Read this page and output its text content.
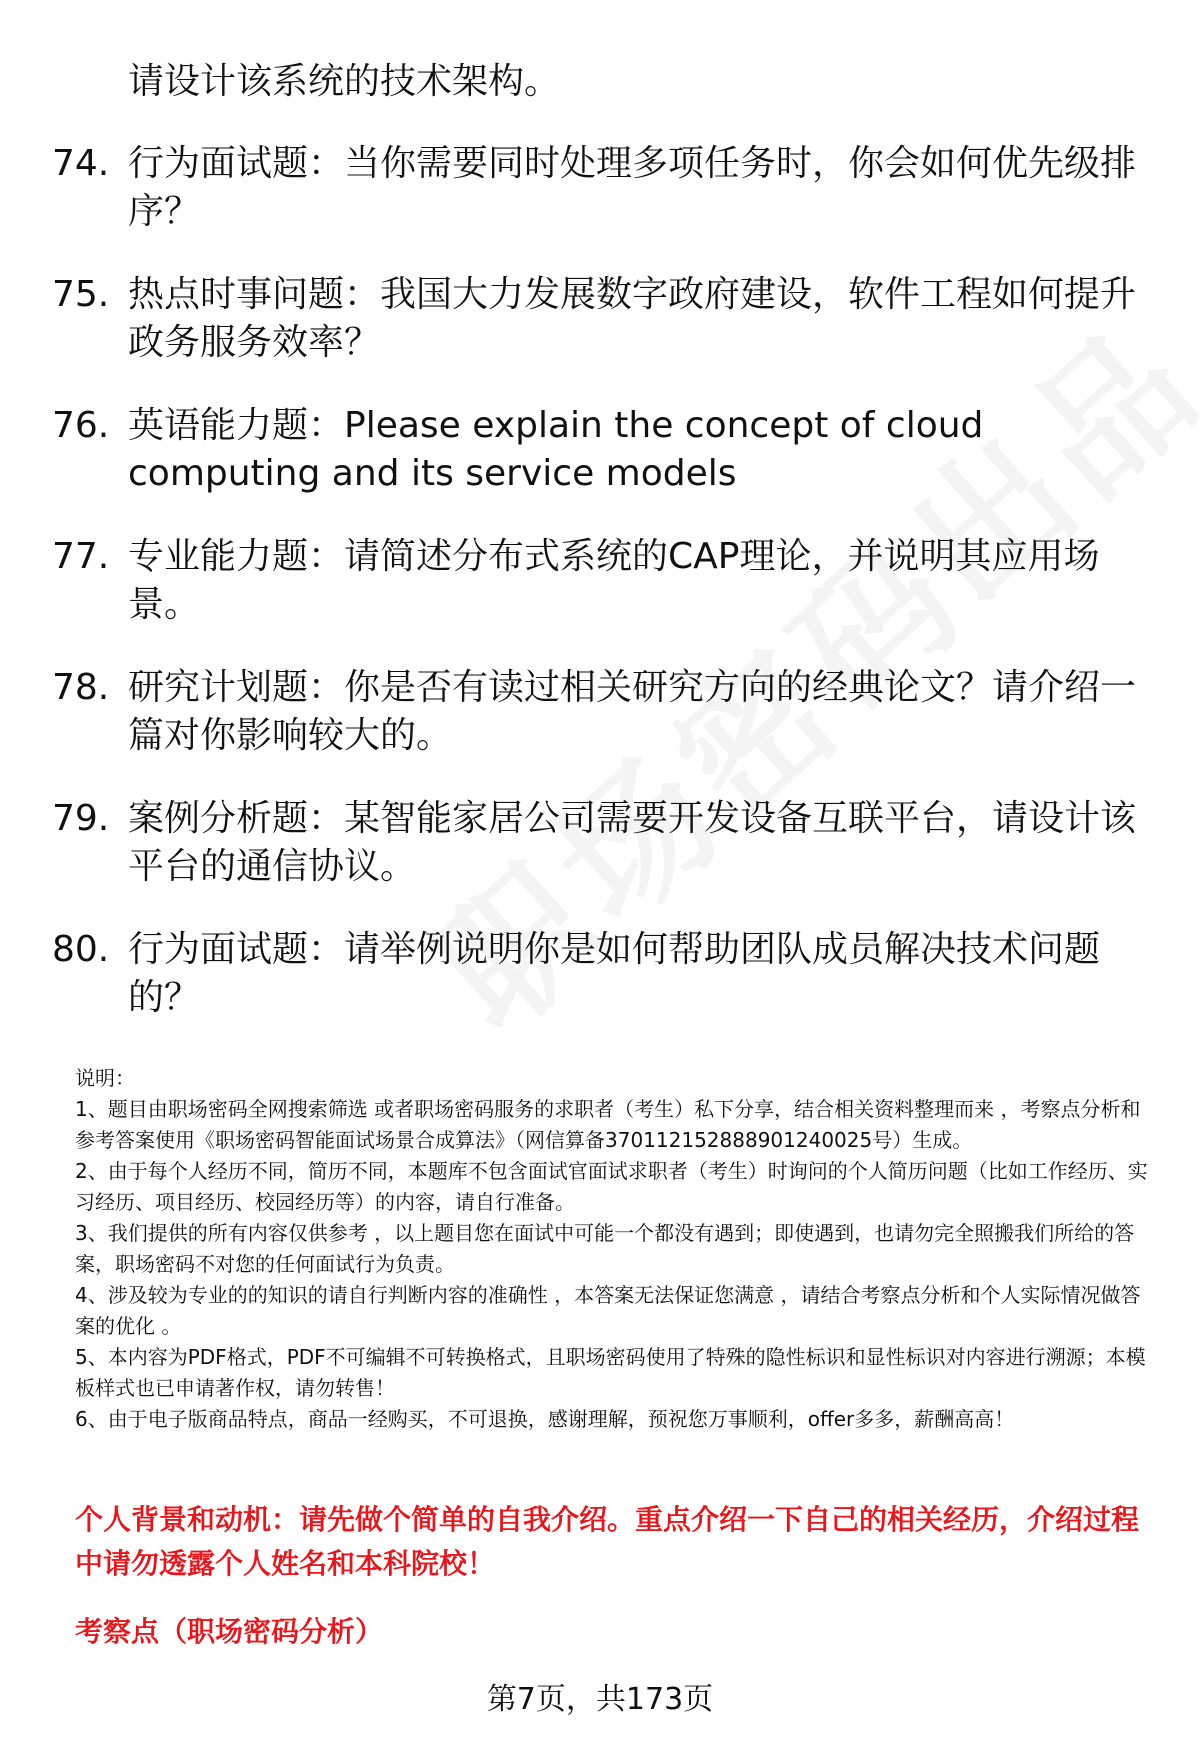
请设计该系统的技术架构。
74. 行为面试题：当你需要同时处理多项任务时，你会如何优先级排序？
75. 热点时事问题：我国大力发展数字政府建设，软件工程如何提升政务服务效率？
76. 英语能力题：Please explain the concept of cloud computing and its service models
77. 专业能力题：请简述分布式系统的CAP理论，并说明其应用场景。
78. 研究计划题：你是否有读过相关研究方向的经典论文？请介绍一篇对你影响较大的。
79. 案例分析题：某智能家居公司需要开发设备互联平台，请设计该平台的通信协议。
80. 行为面试题：请举例说明你是如何帮助团队成员解决技术问题的？

说明：

1、题目由职场密码全网搜索筛选 或者职场密码服务的求职者（考生）私下分享，结合相关资料整理而来 ，考察点分析和参考答案使用《职场密码智能面试场景合成算法》（网信算备370112152888901240025号）生成。

2、由于每个人经历不同，简历不同，本题库不包含面试官面试求职者（考生）时询问的个人简历问题（比如工作经历、实习经历、项目经历、校园经历等）的内容，请自行准备。

3、我们提供的所有内容仅供参考 ，以上题目您在面试中可能一个都没有遇到；即使遇到，也请勿完全照搬我们所给的答案，职场密码不对您的任何面试行为负责。

4、涉及较为专业的的知识的请自行判断内容的准确性 ，本答案无法保证您满意 ，请结合考察点分析和个人实际情况做答案的优化 。

5、本内容为PDF格式，PDF不可编辑不可转换格式，且职场密码使用了特殊的隐性标识和显性标识对内容进行溯源；本模板样式也已申请著作权，请勿转售！

6、由于电子版商品特点，商品一经购买，不可退换，感谢理解，预祝您万事顺利，offer多多，薪酬高高！

个人背景和动机：请先做个简单的自我介绍。重点介绍一下自己的相关经历，介绍过程中请勿透露个人姓名和本科院校！
考察点（职场密码分析）
第7页，共173页
